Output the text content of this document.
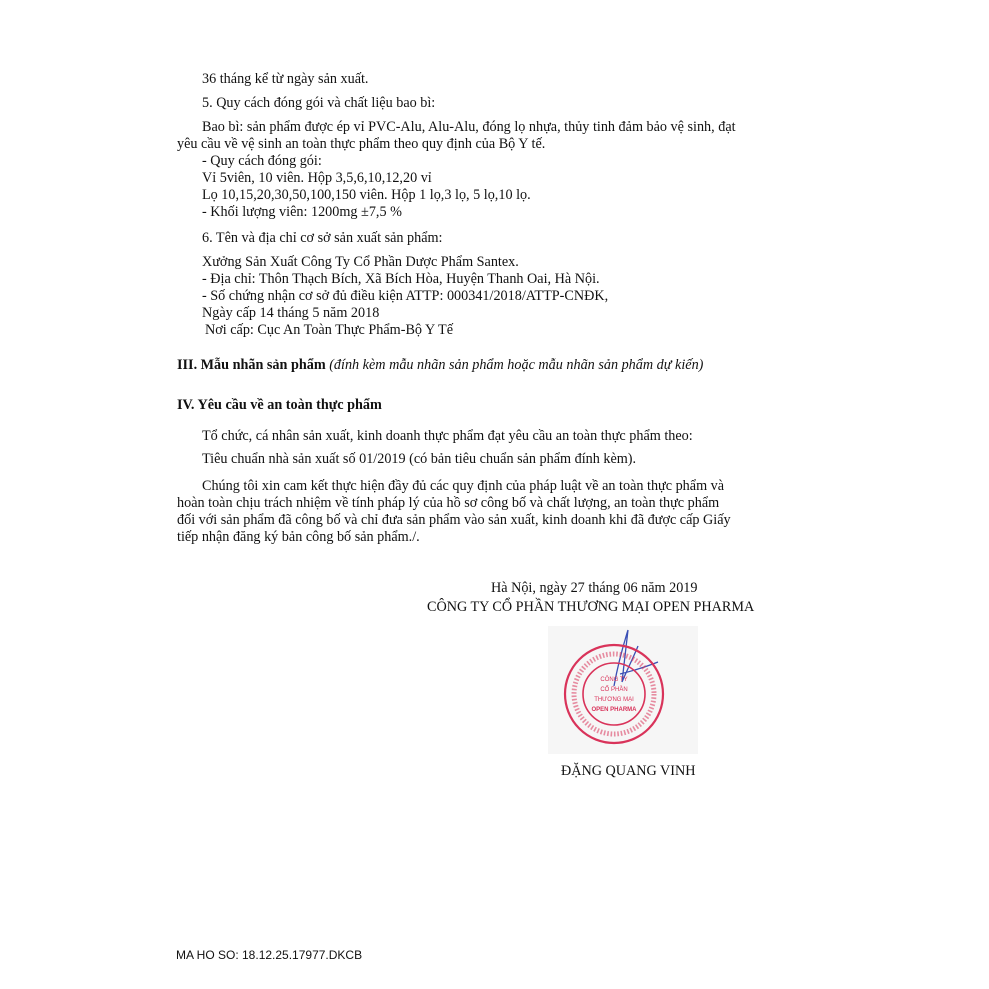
36 tháng kể từ ngày sản xuất.
5. Quy cách đóng gói và chất liệu bao bì:
Bao bì: sản phẩm được ép vỉ PVC-Alu, Alu-Alu, đóng lọ nhựa, thủy tinh đảm bảo vệ sinh, đạt
yêu cầu về vệ sinh an toàn thực phẩm theo quy định của Bộ Y tế.
- Quy cách đóng gói:
Vỉ 5viên, 10 viên. Hộp 3,5,6,10,12,20 vỉ
Lọ 10,15,20,30,50,100,150 viên. Hộp 1 lọ,3 lọ, 5 lọ,10 lọ.
- Khối lượng viên: 1200mg ±7,5 %
6. Tên và địa chỉ cơ sở sản xuất sản phẩm:
Xưởng Sản Xuất Công Ty Cổ Phần Dược Phẩm Santex.
- Địa chỉ: Thôn Thạch Bích, Xã Bích Hòa, Huyện Thanh Oai, Hà Nội.
- Số chứng nhận cơ sở đủ điều kiện ATTP: 000341/2018/ATTP-CNĐK,
Ngày cấp 14 tháng 5 năm 2018
Nơi cấp: Cục An Toàn Thực Phẩm-Bộ Y Tế
III. Mẫu nhãn sản phẩm (đính kèm mẫu nhãn sản phẩm hoặc mẫu nhãn sản phẩm dự kiến)
IV. Yêu cầu về an toàn thực phẩm
Tổ chức, cá nhân sản xuất, kinh doanh thực phẩm đạt yêu cầu an toàn thực phẩm theo:
Tiêu chuẩn nhà sản xuất số 01/2019 (có bản tiêu chuẩn sản phẩm đính kèm).
Chúng tôi xin cam kết thực hiện đầy đủ các quy định của pháp luật về an toàn thực phẩm và
hoàn toàn chịu trách nhiệm về tính pháp lý của hồ sơ công bố và chất lượng, an toàn thực phẩm
đối với sản phẩm đã công bố và chỉ đưa sản phẩm vào sản xuất, kinh doanh khi đã được cấp Giấy
tiếp nhận đăng ký bản công bố sản phẩm./.
Hà Nội, ngày 27 tháng 06 năm 2019
CÔNG TY CỔ PHẦN THƯƠNG MẠI OPEN PHARMA
CÔNG TY
CỔ PHẦN
THƯƠNG MẠI
OPEN PHARMA
ĐẶNG QUANG VINH
MA HO SO: 18.12.25.17977.DKCB
